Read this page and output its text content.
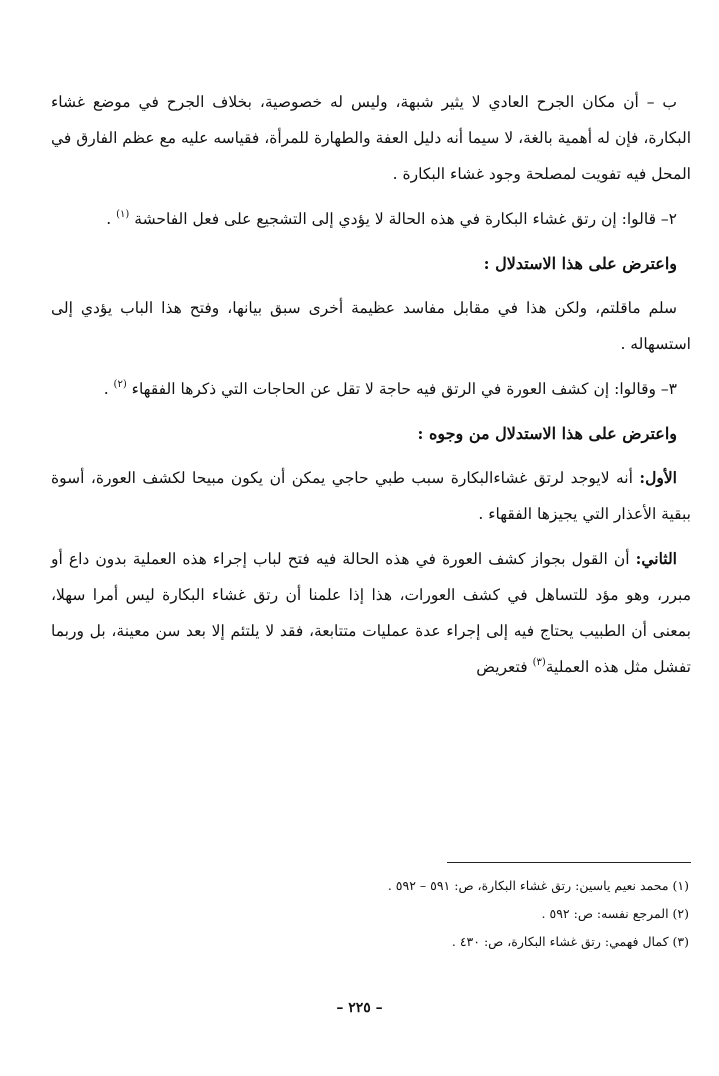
ب – أن مكان الجرح العادي لا يثير شبهة، وليس له خصوصية، بخلاف الجرح في موضع غشاء البكارة، فإن له أهمية بالغة، لا سيما أنه دليل العفة والطهارة للمرأة، فقياسه عليه مع عظم الفارق في المحل فيه تفويت لمصلحة وجود غشاء البكارة .

٢– قالوا: إن رتق غشاء البكارة في هذه الحالة لا يؤدي إلى التشجيع على فعل الفاحشة $^{(١)}$ .

واعترض على هذا الاستدلال :

سلم ماقلتم، ولكن هذا في مقابل مفاسد عظيمة أخرى سبق بيانها، وفتح هذا الباب يؤدي إلى استسهاله .

٣– وقالوا: إن كشف العورة في الرتق فيه حاجة لا تقل عن الحاجات التي ذكرها الفقهاء $^{(٢)}$ .

واعترض على هذا الاستدلال من وجوه :

الأول: أنه لايوجد لرتق غشاءالبكارة سبب طبي حاجي يمكن أن يكون مبيحا لكشف العورة، أسوة ببقية الأعذار التي يجيزها الفقهاء .

الثاني: أن القول بجواز كشف العورة في هذه الحالة فيه فتح لباب إجراء هذه العملية بدون داع أو مبرر، وهو مؤد للتساهل في كشف العورات، هذا إذا علمنا أن رتق غشاء البكارة ليس أمرا سهلا، بمعنى أن الطبيب يحتاج فيه إلى إجراء عدة عمليات متتابعة، فقد لا يلتئم إلا بعد سن معينة، بل وربما تفشل مثل هذه العملية$^{(٣)}$ فتعريض

(١) محمد نعيم ياسين: رتق غشاء البكارة، ص: ٥٩١ – ٥٩٢ .

(٢) المرجع نفسه: ص: ٥٩٢ .

(٣) كمال فهمي: رتق غشاء البكارة، ص: ٤٣٠ .

– ٢٢٥ –
